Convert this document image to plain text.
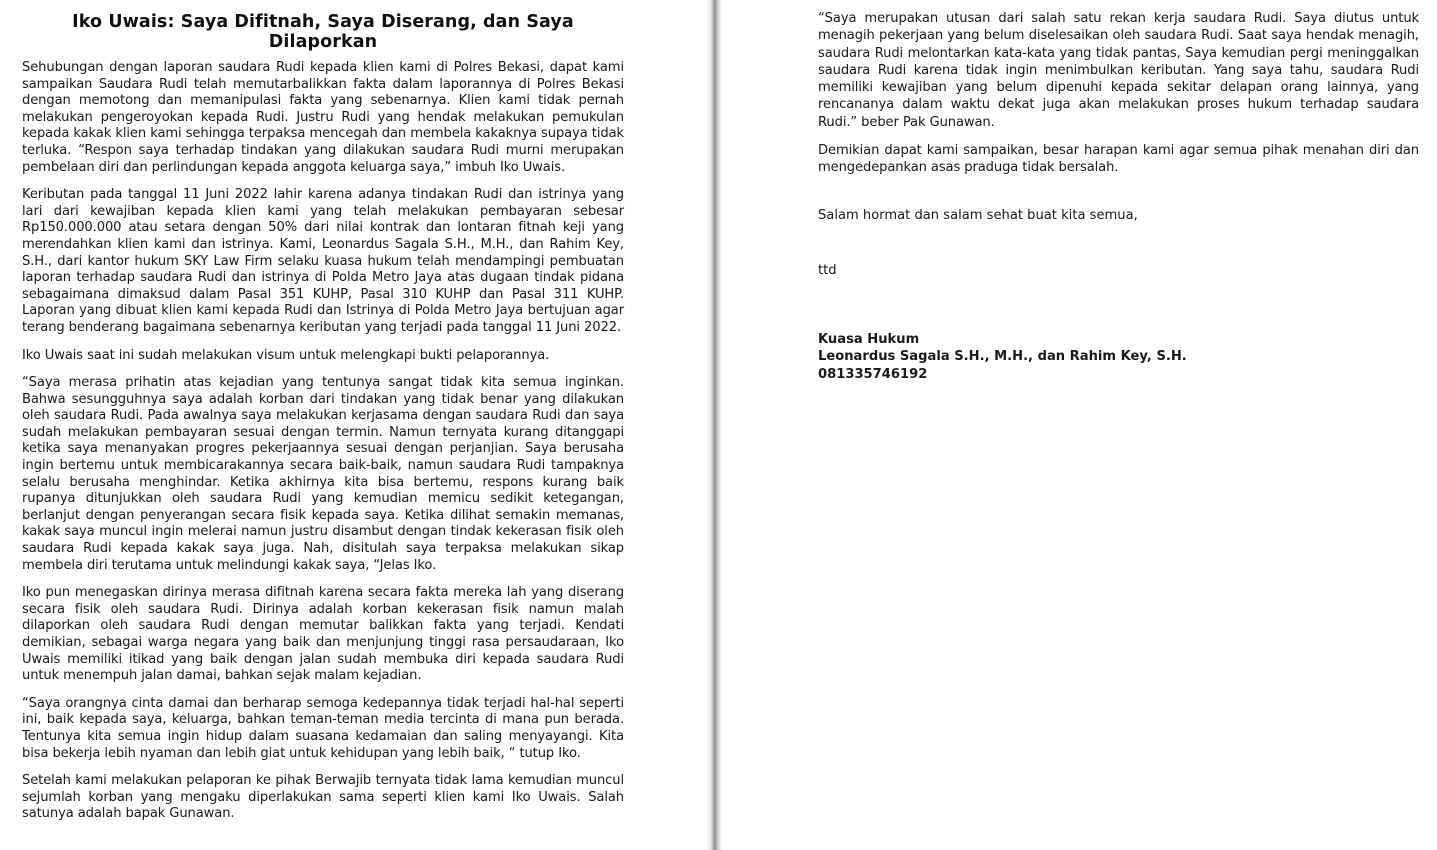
Iko Uwais: Saya Difitnah, Saya Diserang, dan Saya Dilaporkan

Sehubungan dengan laporan saudara Rudi kepada klien kami di Polres Bekasi, dapat kami sampaikan Saudara Rudi telah memutarbalikkan fakta dalam laporannya di Polres Bekasi dengan memotong dan memanipulasi fakta yang sebenarnya. Klien kami tidak pernah melakukan pengeroyokan kepada Rudi. Justru Rudi yang hendak melakukan pemukulan kepada kakak klien kami sehingga terpaksa mencegah dan membela kakaknya supaya tidak terluka. “Respon saya terhadap tindakan yang dilakukan saudara Rudi murni merupakan pembelaan diri dan perlindungan kepada anggota keluarga saya,” imbuh Iko Uwais.

Keributan pada tanggal 11 Juni 2022 lahir karena adanya tindakan Rudi dan istrinya yang lari dari kewajiban kepada klien kami yang telah melakukan pembayaran sebesar Rp150.000.000 atau setara dengan 50% dari nilai kontrak dan lontaran fitnah keji yang merendahkan klien kami dan istrinya. Kami, Leonardus Sagala S.H., M.H., dan Rahim Key, S.H., dari kantor hukum SKY Law Firm selaku kuasa hukum telah mendampingi pembuatan laporan terhadap saudara Rudi dan istrinya di Polda Metro Jaya atas dugaan tindak pidana sebagaimana dimaksud dalam Pasal 351 KUHP, Pasal 310 KUHP dan Pasal 311 KUHP. Laporan yang dibuat klien kami kepada Rudi dan Istrinya di Polda Metro Jaya bertujuan agar terang benderang bagaimana sebenarnya keributan yang terjadi pada tanggal 11 Juni 2022.

Iko Uwais saat ini sudah melakukan visum untuk melengkapi bukti pelaporannya.

“Saya merasa prihatin atas kejadian yang tentunya sangat tidak kita semua inginkan. Bahwa sesungguhnya saya adalah korban dari tindakan yang tidak benar yang dilakukan oleh saudara Rudi. Pada awalnya saya melakukan kerjasama dengan saudara Rudi dan saya sudah melakukan pembayaran sesuai dengan termin. Namun ternyata kurang ditanggapi ketika saya menanyakan progres pekerjaannya sesuai dengan perjanjian. Saya berusaha ingin bertemu untuk membicarakannya secara baik-baik, namun saudara Rudi tampaknya selalu berusaha menghindar. Ketika akhirnya kita bisa bertemu, respons kurang baik rupanya ditunjukkan oleh saudara Rudi yang kemudian memicu sedikit ketegangan, berlanjut dengan penyerangan secara fisik kepada saya. Ketika dilihat semakin memanas, kakak saya muncul ingin melerai namun justru disambut dengan tindak kekerasan fisik oleh saudara Rudi kepada kakak saya juga. Nah, disitulah saya terpaksa melakukan sikap membela diri terutama untuk melindungi kakak saya, “Jelas Iko.

Iko pun menegaskan dirinya merasa difitnah karena secara fakta mereka lah yang diserang secara fisik oleh saudara Rudi. Dirinya adalah korban kekerasan fisik namun malah dilaporkan oleh saudara Rudi dengan memutar balikkan fakta yang terjadi. Kendati demikian, sebagai warga negara yang baik dan menjunjung tinggi rasa persaudaraan, Iko Uwais memiliki itikad yang baik dengan jalan sudah membuka diri kepada saudara Rudi untuk menempuh jalan damai, bahkan sejak malam kejadian.

“Saya orangnya cinta damai dan berharap semoga kedepannya tidak terjadi hal-hal seperti ini, baik kepada saya, keluarga, bahkan teman-teman media tercinta di mana pun berada. Tentunya kita semua ingin hidup dalam suasana kedamaian dan saling menyayangi. Kita bisa bekerja lebih nyaman dan lebih giat untuk kehidupan yang lebih baik, “ tutup Iko.

Setelah kami melakukan pelaporan ke pihak Berwajib ternyata tidak lama kemudian muncul sejumlah korban yang mengaku diperlakukan sama seperti klien kami Iko Uwais. Salah satunya adalah bapak Gunawan.

“Saya merupakan utusan dari salah satu rekan kerja saudara Rudi. Saya diutus untuk menagih pekerjaan yang belum diselesaikan oleh saudara Rudi. Saat saya hendak menagih, saudara Rudi melontarkan kata-kata yang tidak pantas, Saya kemudian pergi meninggalkan saudara Rudi karena tidak ingin menimbulkan keributan. Yang saya tahu, saudara Rudi memiliki kewajiban yang belum dipenuhi kepada sekitar delapan orang lainnya, yang rencananya dalam waktu dekat juga akan melakukan proses hukum terhadap saudara Rudi.” beber Pak Gunawan.

Demikian dapat kami sampaikan, besar harapan kami agar semua pihak menahan diri dan mengedepankan asas praduga tidak bersalah.

Salam hormat dan salam sehat buat kita semua,

ttd

Kuasa Hukum
Leonardus Sagala S.H., M.H., dan Rahim Key, S.H.
081335746192
